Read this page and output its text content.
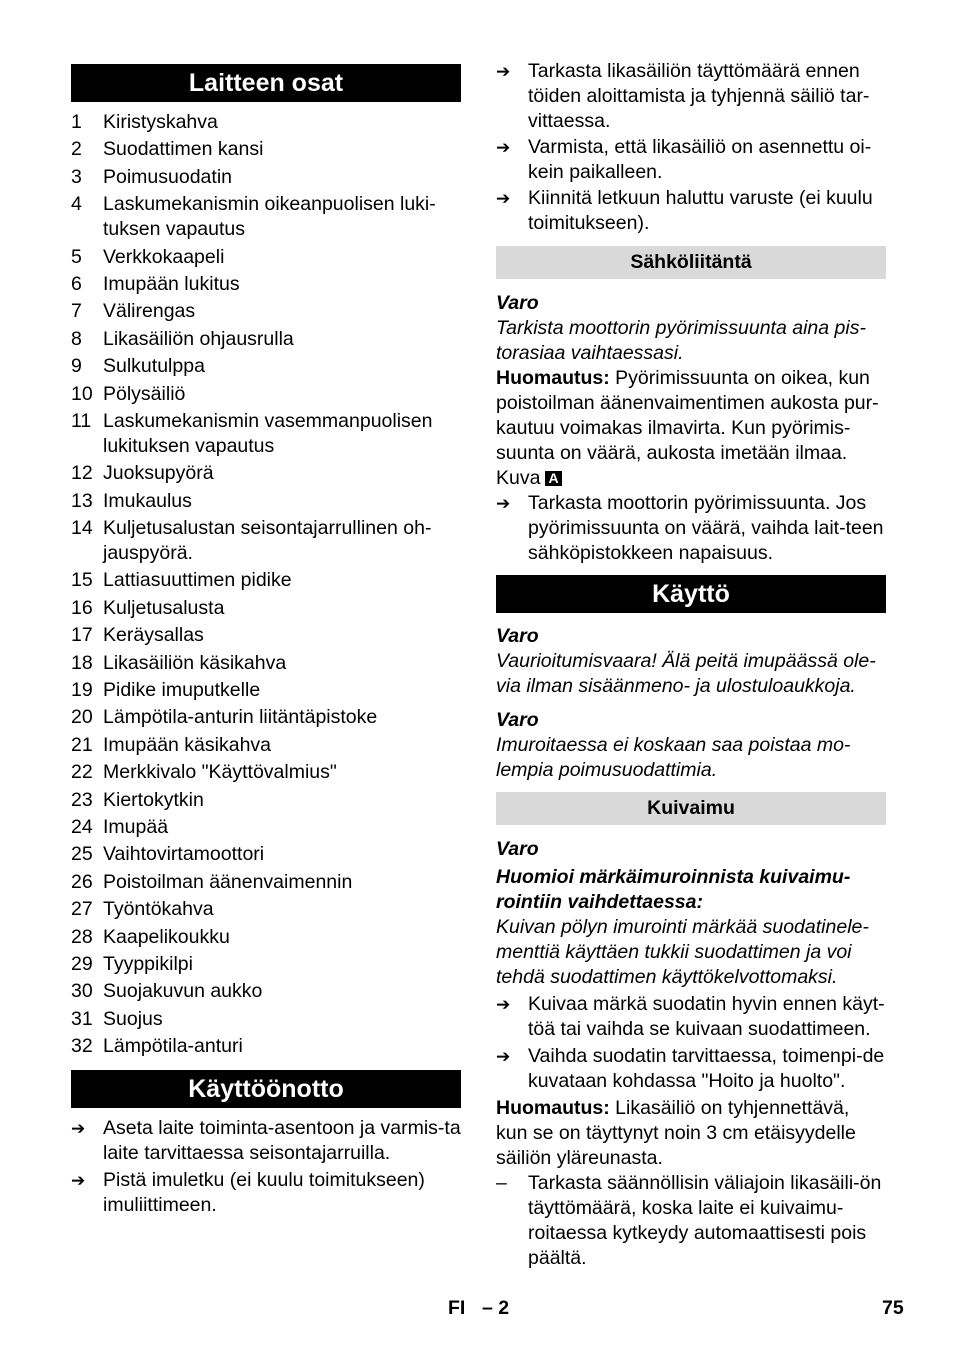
Laitteen osat
1	Kiristyskahva
2	Suodattimen kansi
3	Poimusuodatin
4	Laskumekanismin oikeanpuolisen luki-tuksen vapautus
5	Verkkokaapeli
6	Imupään lukitus
7	Välirengas
8	Likasäiliön ohjausrulla
9	Sulkutulppa
10 Pölysäiliö
11 Laskumekanismin vasemmanpuolisen lukituksen vapautus
12 Juoksupyörä
13 Imukaulus
14 Kuljetusalustan seisontajarrullinen oh-jauspyörä.
15 Lattiasuuttimen pidike
16 Kuljetusalusta
17 Keräysallas
18 Likasäiliön käsikahva
19 Pidike imuputkelle
20 Lämpötila-anturin liitäntäpistoke
21 Imupään käsikahva
22 Merkkivalo "Käyttövalmius"
23 Kiertokytkin
24 Imupää
25 Vaihtovirtamoottori
26 Poistoilman äänenvaimennin
27 Työntökahva
28 Kaapelikoukku
29 Tyyppikilpi
30 Suojakuvun aukko
31 Suojus
32 Lämpötila-anturi
Käyttöönotto
➔ Aseta laite toiminta-asentoon ja varmis-ta laite tarvittaessa seisontajarruilla.
➔ Pistä imuletku (ei kuulu toimitukseen) imuliittimeen.
➔ Tarkasta likasäiliön täyttömäärä ennen töiden aloittamista ja tyhjennä säiliö tar-vittaessa.
➔ Varmista, että likasäiliö on asennettu oi-kein paikalleen.
➔ Kiinnitä letkuun haluttu varuste (ei kuulu toimitukseen).
Sähköliitäntä

Varo

Tarkista moottorin pyörimissuunta aina pis-torasiaa vaihtaessasi.

Huomautus: Pyörimissuunta on oikea, kun poistoilman äänenvaimentimen aukosta pur-kautuu voimakas ilmavirta. Kun pyörimis-suunta on väärä, aukosta imetään ilmaa.

Kuva A

➔ Tarkasta moottorin pyörimissuunta. Jos pyörimissuunta on väärä, vaihda lait-teen sähköpistokkeen napaisuus.
Käyttö

Varo

Vaurioitumisvaara! Älä peitä imupäässä ole-via ilman sisäänmeno- ja ulostuloaukkoja.

Varo

Imuroitaessa ei koskaan saa poistaa mo-lempia poimusuodattimia.

Kuivaimu

Varo

Huomioi märkäimuroinnista kuivaimu-rointiin vaihdettaessa:

Kuivan pölyn imurointi märkää suodatinele-menttiä käyttäen tukkii suodattimen ja voi tehdä suodattimen käyttökelvottomaksi.

➔ Kuivaa märkä suodatin hyvin ennen käyt-töä tai vaihda se kuivaan suodattimeen.
➔ Vaihda suodatin tarvittaessa, toimenpi-de kuvataan kohdassa "Hoito ja huolto".

Huomautus: Likasäiliö on tyhjennettävä, kun se on täyttynyt noin 3 cm etäisyydelle säiliön yläreunasta.

–	Tarkasta säännöllisin väliajoin likasäili-ön täyttömäärä, koska laite ei kuivaimu-roitaessa kytkeydy automaattisesti pois päältä.
FI – 2	75
